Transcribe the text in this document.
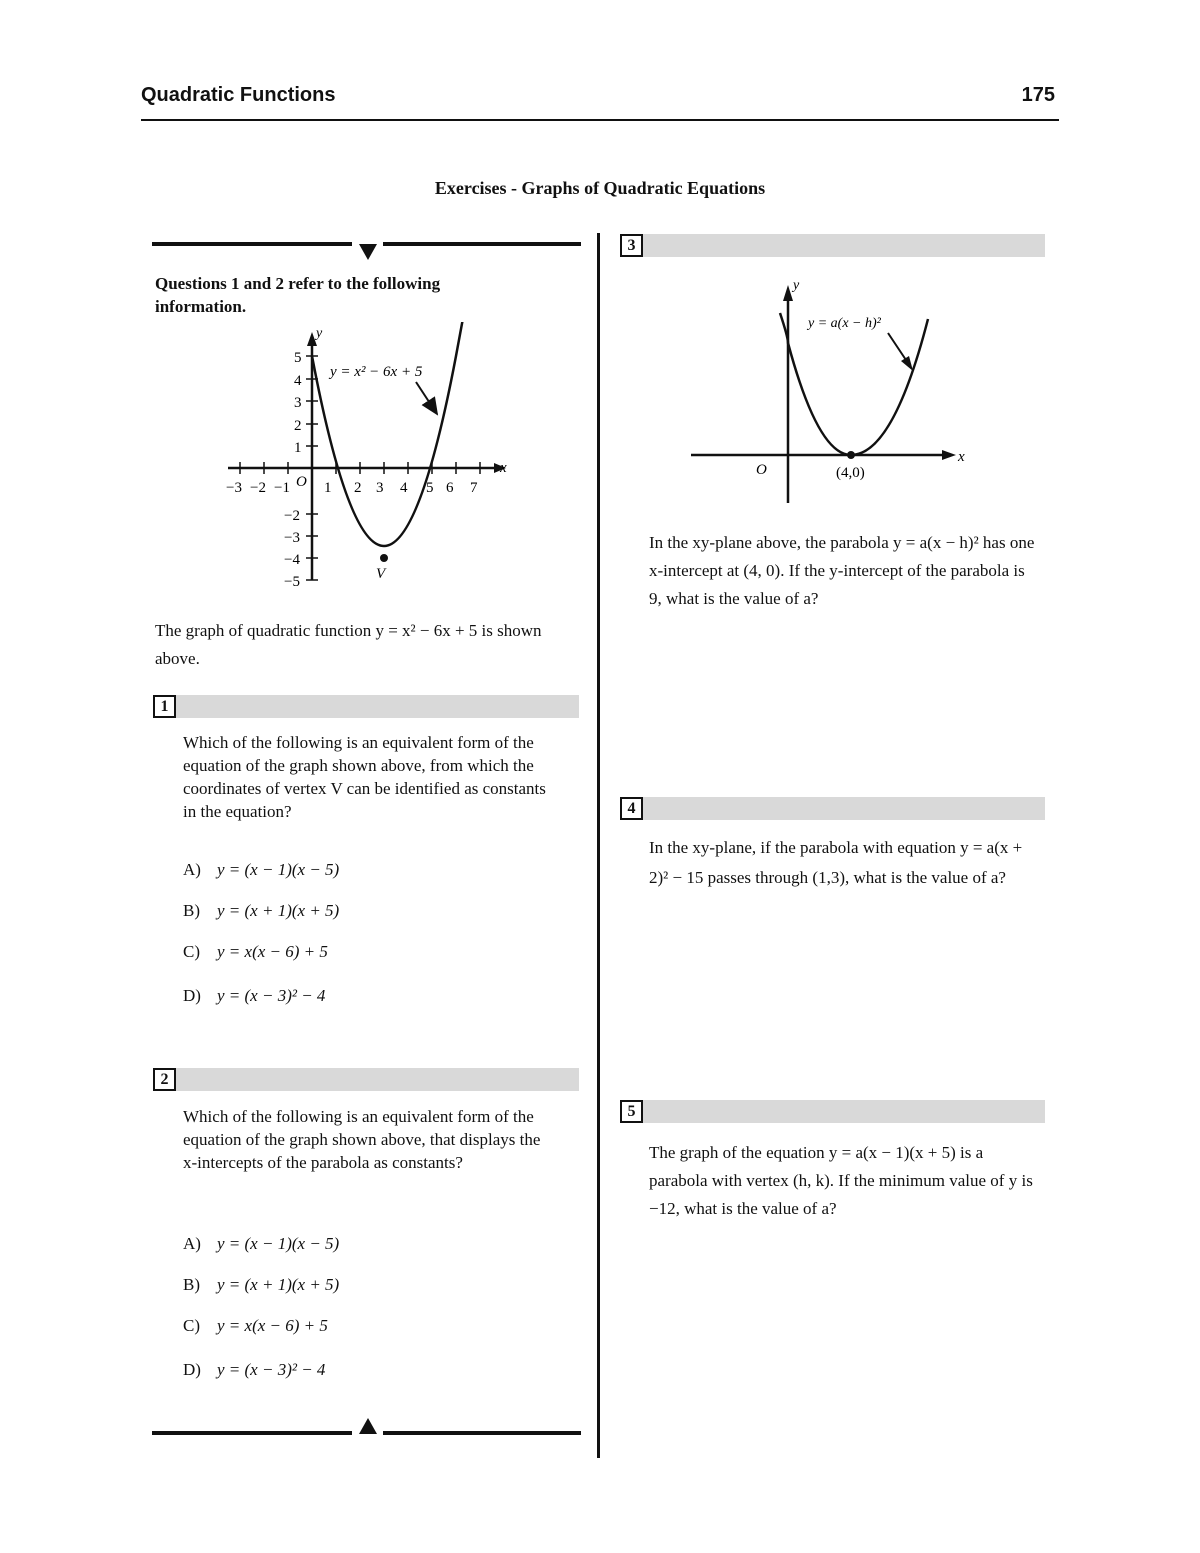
Quadratic Functions	175
Exercises - Graphs of Quadratic Equations
Questions 1 and 2 refer to the following information.
−3 −2 −1 1 2 3 4 5 6 7
5
4
3
2
1
−2
−3
−4
−5
O
x
y
V
y = x² − 6x + 5
The graph of quadratic function y = x² − 6x + 5 is shown above.
1
Which of the following is an equivalent form of the equation of the graph shown above, from which the coordinates of vertex V can be identified as constants in the equation?
A) y = (x − 1)(x − 5)
B) y = (x + 1)(x + 5)
C) y = x(x − 6) + 5
D) y = (x − 3)² − 4
2
Which of the following is an equivalent form of the equation of the graph shown above, that displays the x-intercepts of the parabola as constants?
A) y = (x − 1)(x − 5)
B) y = (x + 1)(x + 5)
C) y = x(x − 6) + 5
D) y = (x − 3)² − 4
3
x
y
O	(4,0)
y = a(x − h)²
In the xy-plane above, the parabola y = a(x − h)² has one x-intercept at (4, 0). If the y-intercept of the parabola is 9, what is the value of a?
4
In the xy-plane, if the parabola with equation y = a(x + 2)² − 15 passes through (1,3), what is the value of a?
5
The graph of the equation y = a(x − 1)(x + 5) is a parabola with vertex (h, k). If the minimum value of y is −12, what is the value of a?
